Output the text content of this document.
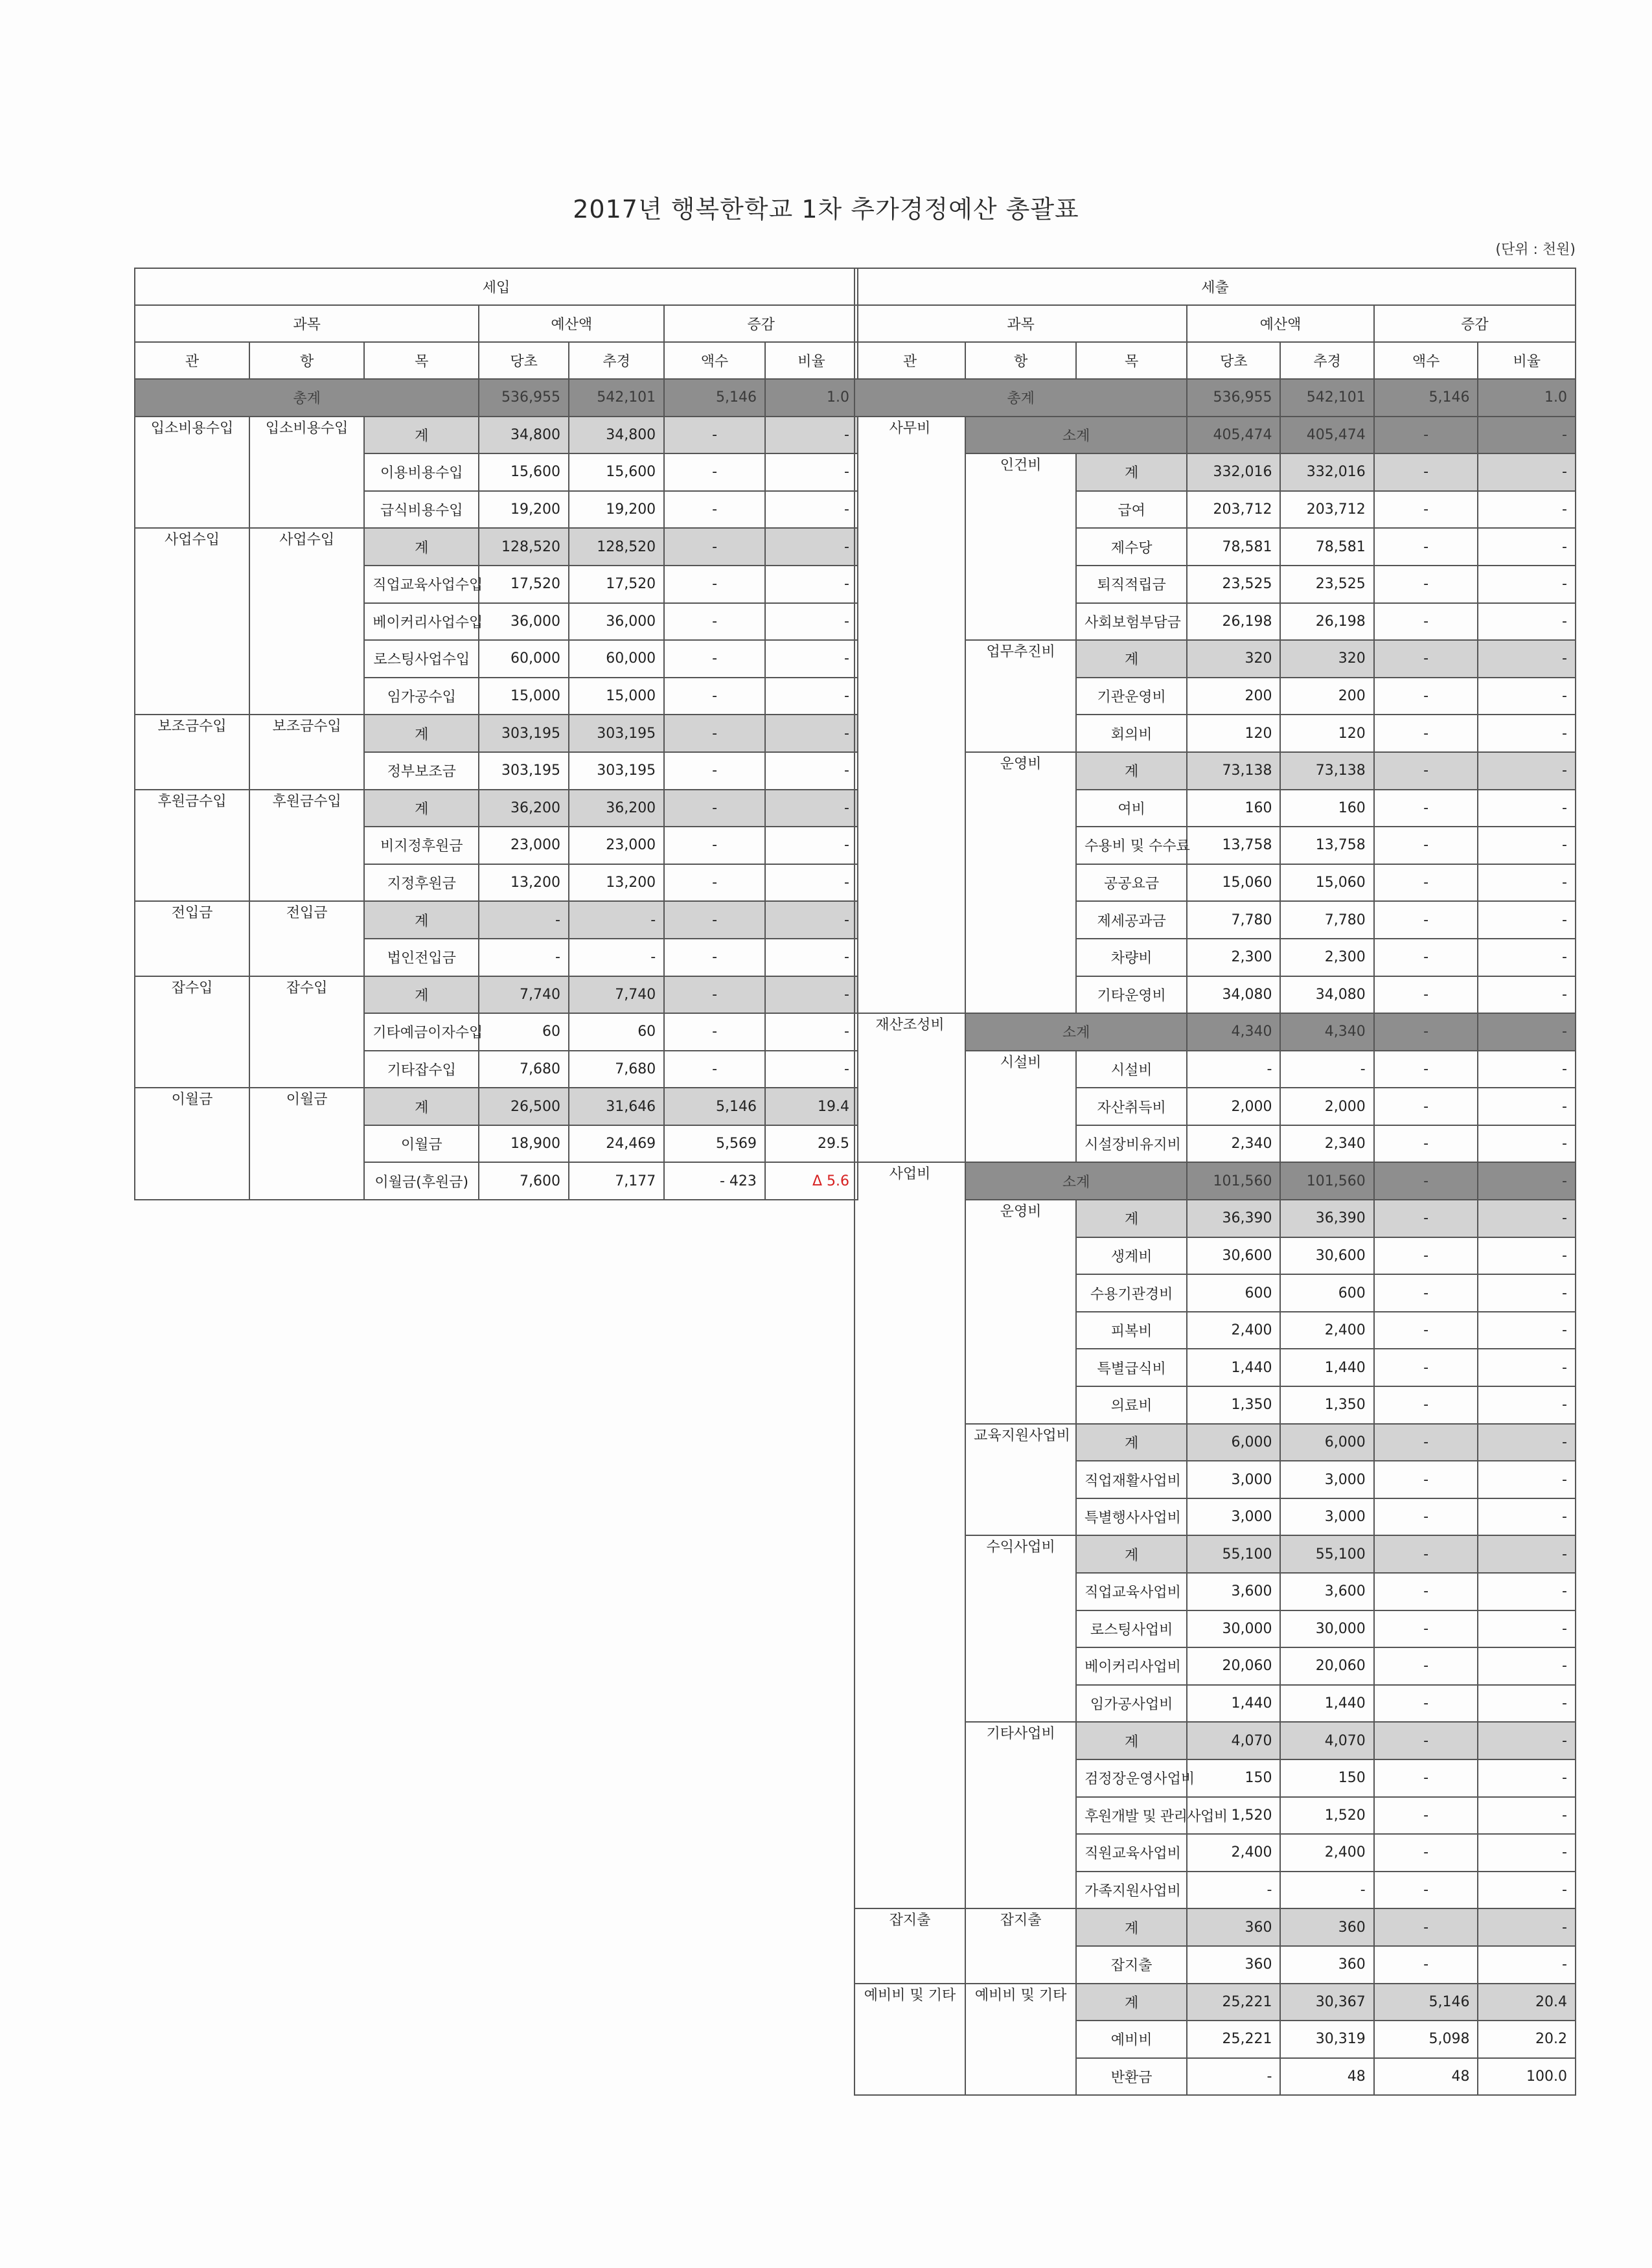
2017년 행복한학교 1차 추가경정예산 총괄표
(단위 : 천원)
세입						
과목			예산액		증감	
관	항	목	당초	추경	액수	비율
총계			536,955	542,101	5,146	1.0
입소비용수입	입소비용수입	계	34,800	34,800	-	-
		이용비용수입	15,600	15,600	-	-
		급식비용수입	19,200	19,200	-	-
사업수입	사업수입	계	128,520	128,520	-	-
		직업교육사업수입	17,520	17,520	-	-
		베이커리사업수입	36,000	36,000	-	-
		로스팅사업수입	60,000	60,000	-	-
		임가공수입	15,000	15,000	-	-
보조금수입	보조금수입	계	303,195	303,195	-	-
		정부보조금	303,195	303,195	-	-
후원금수입	후원금수입	계	36,200	36,200	-	-
		비지정후원금	23,000	23,000	-	-
		지정후원금	13,200	13,200	-	-
전입금	전입금	계	-	-	-	-
		법인전입금	-	-	-	-
잡수입	잡수입	계	7,740	7,740	-	-
		기타예금이자수입	60	60	-	-
		기타잡수입	7,680	7,680	-	-
이월금	이월금	계	26,500	31,646	5,146	19.4
		이월금	18,900	24,469	5,569	29.5
		이월금(후원금)	7,600	7,177	- 423	Δ 5.6
세출						
과목			예산액		증감	
관	항	목	당초	추경	액수	비율
총계			536,955	542,101	5,146	1.0
사무비	소계		405,474	405,474	-	-
	인건비	계	332,016	332,016	-	-
		급여	203,712	203,712	-	-
		제수당	78,581	78,581	-	-
		퇴직적립금	23,525	23,525	-	-
		사회보험부담금	26,198	26,198	-	-
	업무추진비	계	320	320	-	-
		기관운영비	200	200	-	-
		회의비	120	120	-	-
	운영비	계	73,138	73,138	-	-
		여비	160	160	-	-
		수용비 및 수수료	13,758	13,758	-	-
		공공요금	15,060	15,060	-	-
		제세공과금	7,780	7,780	-	-
		차량비	2,300	2,300	-	-
		기타운영비	34,080	34,080	-	-
재산조성비	소계		4,340	4,340	-	-
	시설비	시설비	-	-	-	-
		자산취득비	2,000	2,000	-	-
		시설장비유지비	2,340	2,340	-	-
사업비	소계		101,560	101,560	-	-
	운영비	계	36,390	36,390	-	-
		생계비	30,600	30,600	-	-
		수용기관경비	600	600	-	-
		피복비	2,400	2,400	-	-
		특별급식비	1,440	1,440	-	-
		의료비	1,350	1,350	-	-
	교육지원사업비	계	6,000	6,000	-	-
		직업재활사업비	3,000	3,000	-	-
		특별행사사업비	3,000	3,000	-	-
	수익사업비	계	55,100	55,100	-	-
		직업교육사업비	3,600	3,600	-	-
		로스팅사업비	30,000	30,000	-	-
		베이커리사업비	20,060	20,060	-	-
		임가공사업비	1,440	1,440	-	-
	기타사업비	계	4,070	4,070	-	-
		검정장운영사업비	150	150	-	-
		후원개발 및 관리사업비	1,520	1,520	-	-
		직원교육사업비	2,400	2,400	-	-
		가족지원사업비	-	-	-	-
잡지출	잡지출	계	360	360	-	-
		잡지출	360	360	-	-
예비비 및 기타	예비비 및 기타	계	25,221	30,367	5,146	20.4
		예비비	25,221	30,319	5,098	20.2
		반환금	-	48	48	100.0
